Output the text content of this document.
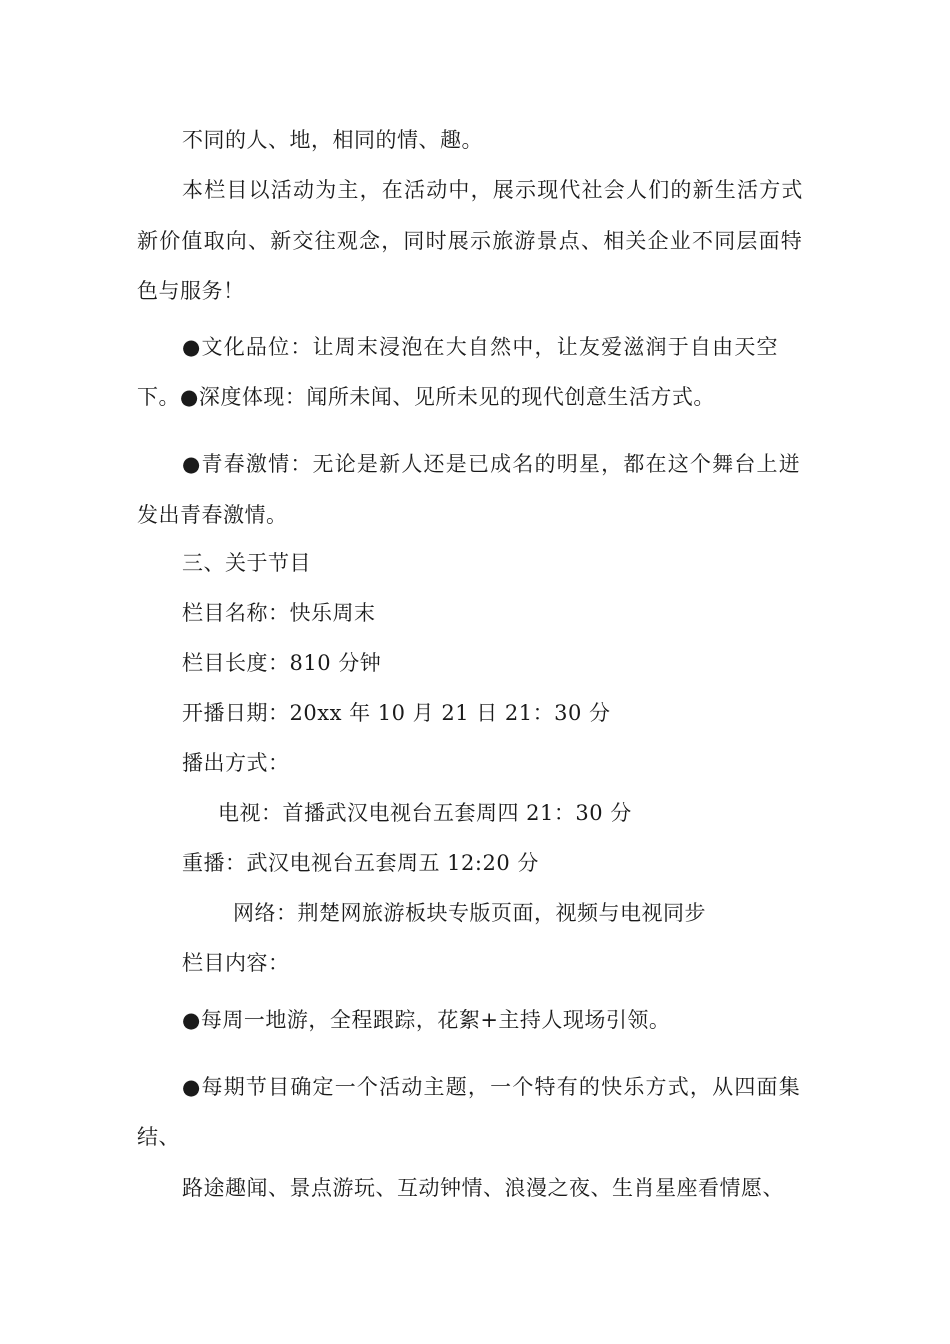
不同的人、地，相同的情、趣。
本栏目以活动为主，在活动中，展示现代社会人们的新生活方式
新价值取向、新交往观念，同时展示旅游景点、相关企业不同层面特
色与服务！
●文化品位：让周末浸泡在大自然中，让友爱滋润于自由天空
下。●深度体现：闻所未闻、见所未见的现代创意生活方式。
●青春激情：无论是新人还是已成名的明星，都在这个舞台上迸
发出青春激情。
三、关于节目
栏目名称：快乐周末
栏目长度：810 分钟
开播日期：20xx 年 10 月 21 日 21：30 分
播出方式：
电视：首播武汉电视台五套周四 21：30 分
重播：武汉电视台五套周五 12:20 分
网络：荆楚网旅游板块专版页面，视频与电视同步
栏目内容：
●每周一地游，全程跟踪，花絮+主持人现场引领。
●每期节目确定一个活动主题，一个特有的快乐方式，从四面集
结、
路途趣闻、景点游玩、互动钟情、浪漫之夜、生肖星座看情愿、
